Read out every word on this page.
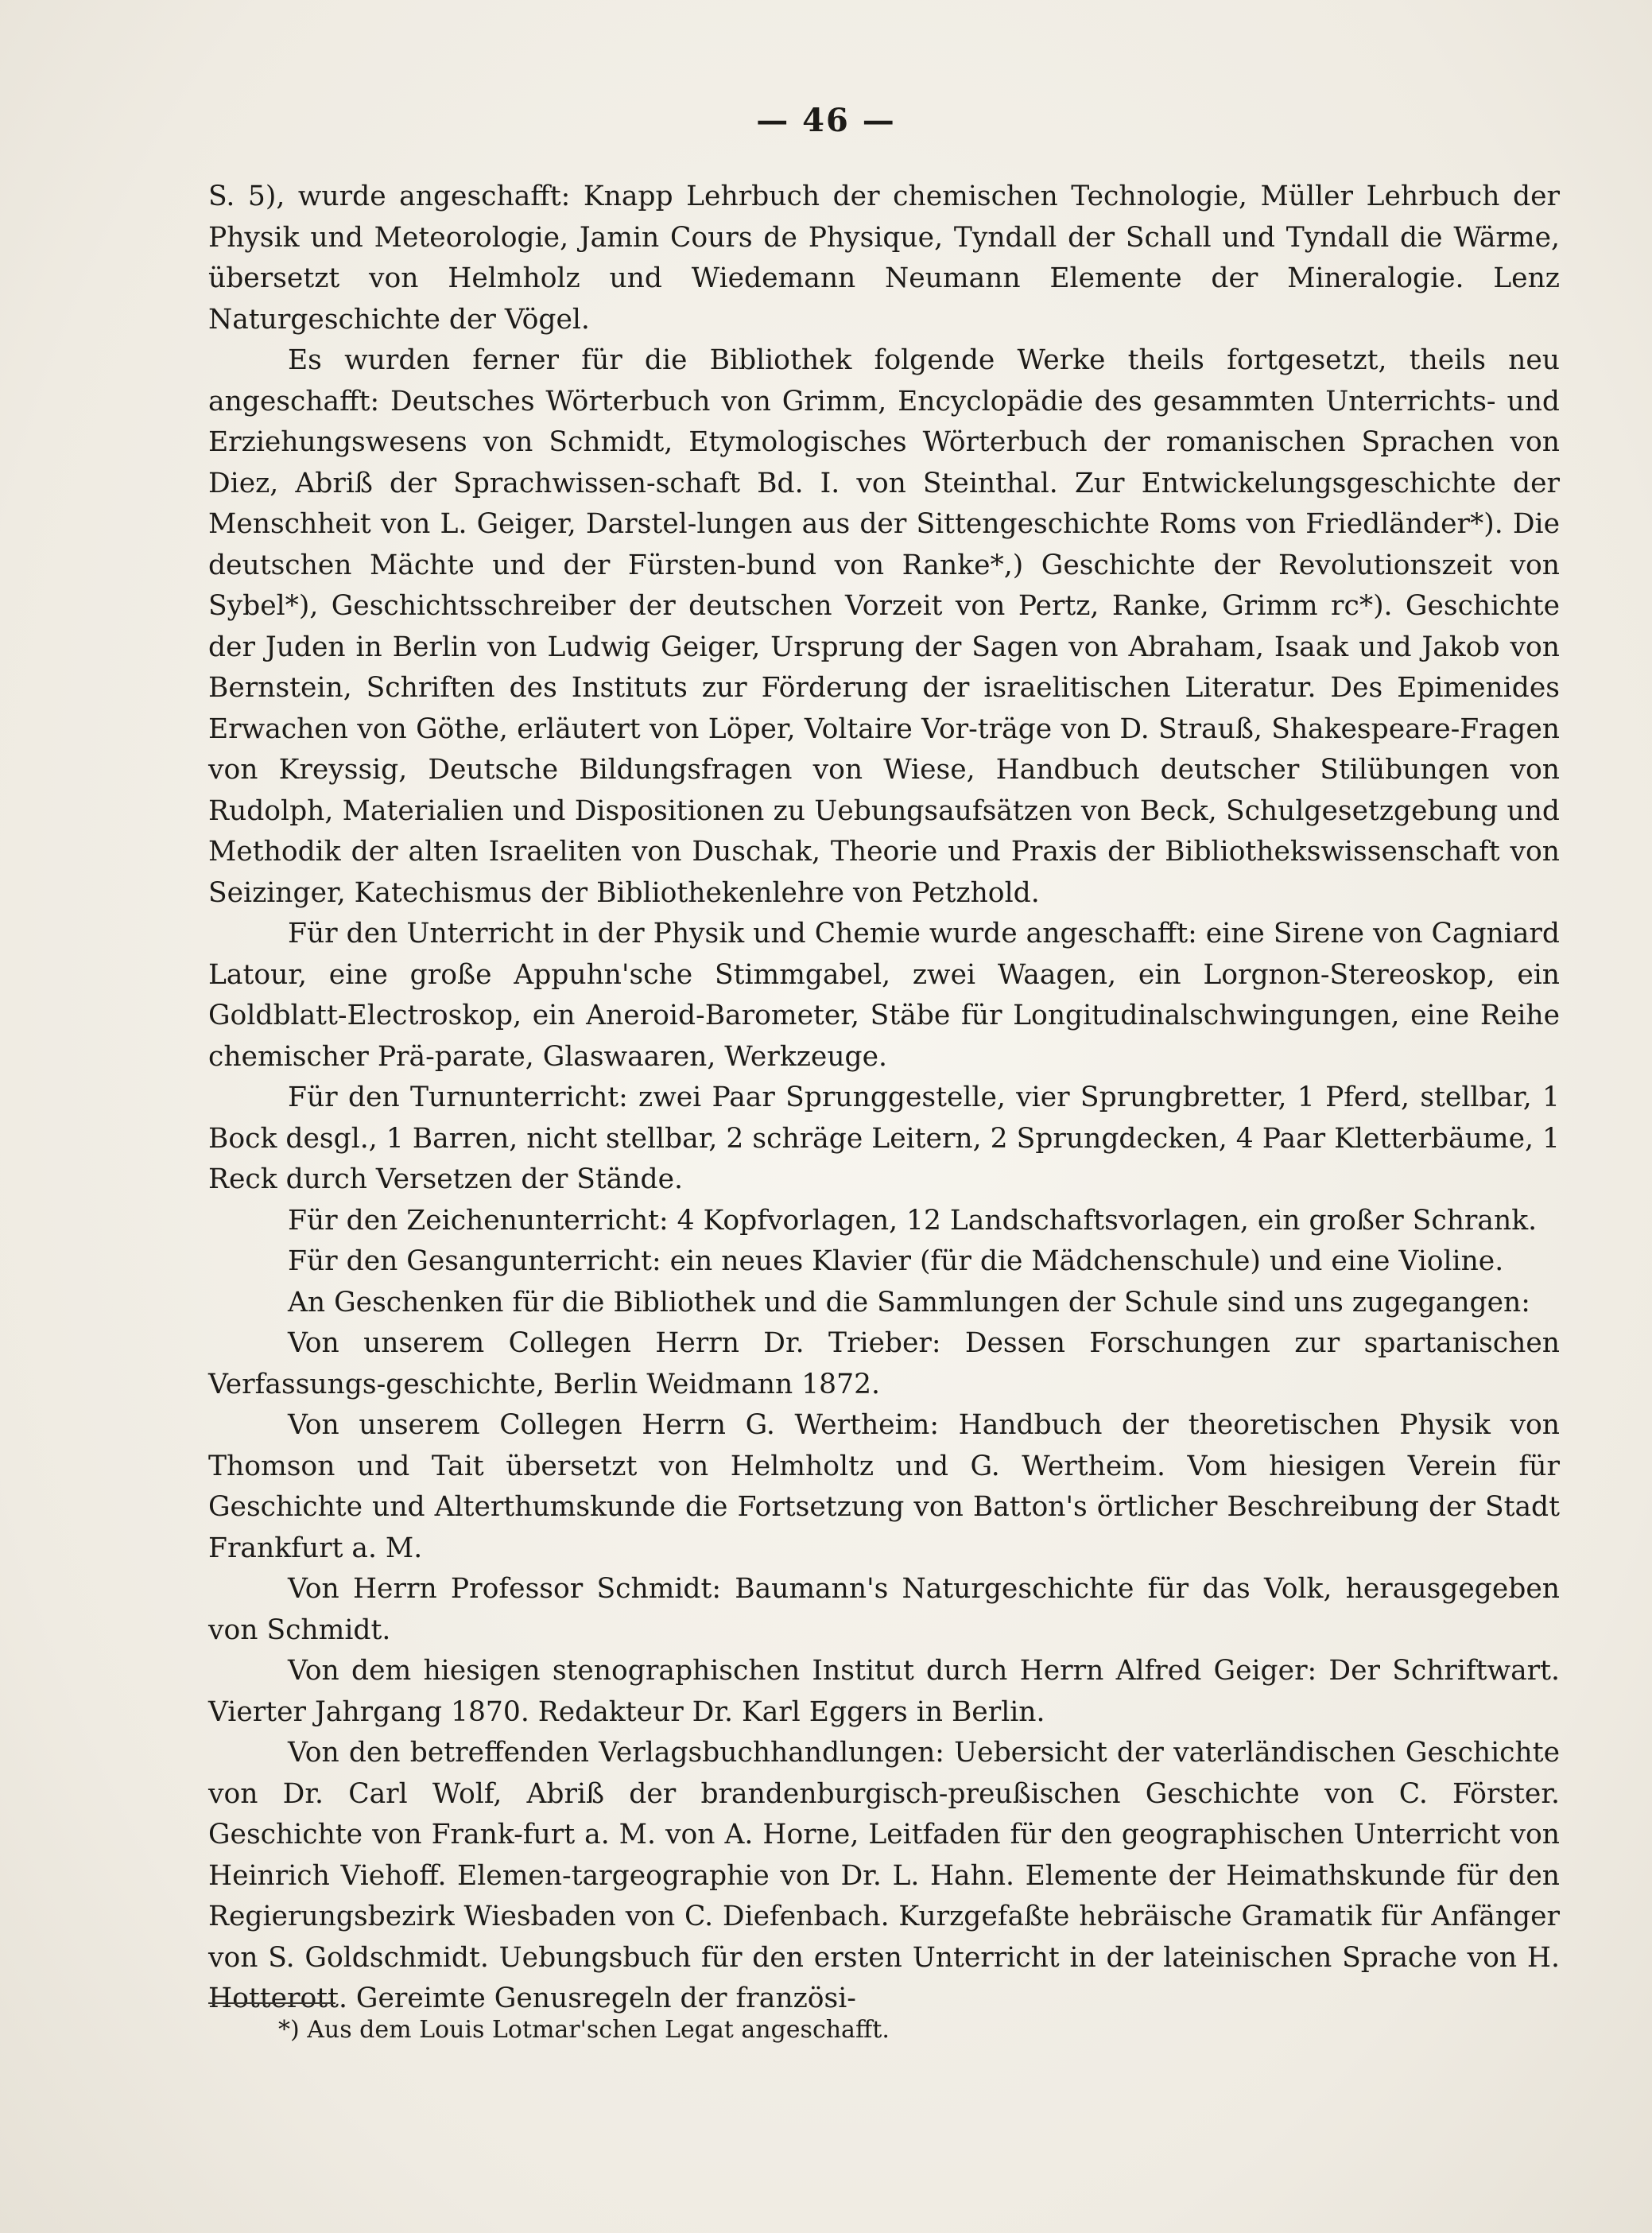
— 46 —

S. 5), wurde angeschafft: Knapp Lehrbuch der chemischen Technologie, Müller Lehrbuch der Physik und Meteorologie, Jamin Cours de Physique, Tyndall der Schall und Tyndall die Wärme, übersetzt von Helmholz und Wiedemann Neumann Elemente der Mineralogie. Lenz Naturgeschichte der Vögel.

Es wurden ferner für die Bibliothek folgende Werke theils fortgesetzt, theils neu angeschafft: Deutsches Wörterbuch von Grimm, Encyclopädie des gesammten Unterrichts- und Erziehungswesens von Schmidt, Etymologisches Wörterbuch der romanischen Sprachen von Diez, Abriß der Sprachwissen-schaft Bd. I. von Steinthal. Zur Entwickelungsgeschichte der Menschheit von L. Geiger, Darstel-lungen aus der Sittengeschichte Roms von Friedländer*). Die deutschen Mächte und der Fürsten-bund von Ranke*,) Geschichte der Revolutionszeit von Sybel*), Geschichtsschreiber der deutschen Vorzeit von Pertz, Ranke, Grimm rc*). Geschichte der Juden in Berlin von Ludwig Geiger, Ursprung der Sagen von Abraham, Isaak und Jakob von Bernstein, Schriften des Instituts zur Förderung der israelitischen Literatur. Des Epimenides Erwachen von Göthe, erläutert von Löper, Voltaire Vor-träge von D. Strauß, Shakespeare-Fragen von Kreyssig, Deutsche Bildungsfragen von Wiese, Handbuch deutscher Stilübungen von Rudolph, Materialien und Dispositionen zu Uebungsaufsätzen von Beck, Schulgesetzgebung und Methodik der alten Israeliten von Duschak, Theorie und Praxis der Bibliothekswissenschaft von Seizinger, Katechismus der Bibliothekenlehre von Petzhold.

Für den Unterricht in der Physik und Chemie wurde angeschafft: eine Sirene von Cagniard Latour, eine große Appuhn'sche Stimmgabel, zwei Waagen, ein Lorgnon-Stereoskop, ein Goldblatt-Electroskop, ein Aneroid-Barometer, Stäbe für Longitudinalschwingungen, eine Reihe chemischer Prä-parate, Glaswaaren, Werkzeuge.

Für den Turnunterricht: zwei Paar Sprunggestelle, vier Sprungbretter, 1 Pferd, stellbar, 1 Bock desgl., 1 Barren, nicht stellbar, 2 schräge Leitern, 2 Sprungdecken, 4 Paar Kletterbäume, 1 Reck durch Versetzen der Stände.

Für den Zeichenunterricht: 4 Kopfvorlagen, 12 Landschaftsvorlagen, ein großer Schrank.

Für den Gesangunterricht: ein neues Klavier (für die Mädchenschule) und eine Violine.

An Geschenken für die Bibliothek und die Sammlungen der Schule sind uns zugegangen:

Von unserem Collegen Herrn Dr. Trieber: Dessen Forschungen zur spartanischen Verfassungs-geschichte, Berlin Weidmann 1872.

Von unserem Collegen Herrn G. Wertheim: Handbuch der theoretischen Physik von Thomson und Tait übersetzt von Helmholtz und G. Wertheim. Vom hiesigen Verein für Geschichte und Alterthumskunde die Fortsetzung von Batton's örtlicher Beschreibung der Stadt Frankfurt a. M.

Von Herrn Professor Schmidt: Baumann's Naturgeschichte für das Volk, herausgegeben von Schmidt.

Von dem hiesigen stenographischen Institut durch Herrn Alfred Geiger: Der Schriftwart. Vierter Jahrgang 1870. Redakteur Dr. Karl Eggers in Berlin.

Von den betreffenden Verlagsbuchhandlungen: Uebersicht der vaterländischen Geschichte von Dr. Carl Wolf, Abriß der brandenburgisch-preußischen Geschichte von C. Förster. Geschichte von Frank-furt a. M. von A. Horne, Leitfaden für den geographischen Unterricht von Heinrich Viehoff. Elemen-targeographie von Dr. L. Hahn. Elemente der Heimathskunde für den Regierungsbezirk Wiesbaden von C. Diefenbach. Kurzgefaßte hebräische Gramatik für Anfänger von S. Goldschmidt. Uebungsbuch für den ersten Unterricht in der lateinischen Sprache von H. Hotterott. Gereimte Genusregeln der französi-

*) Aus dem Louis Lotmar'schen Legat angeschafft.
